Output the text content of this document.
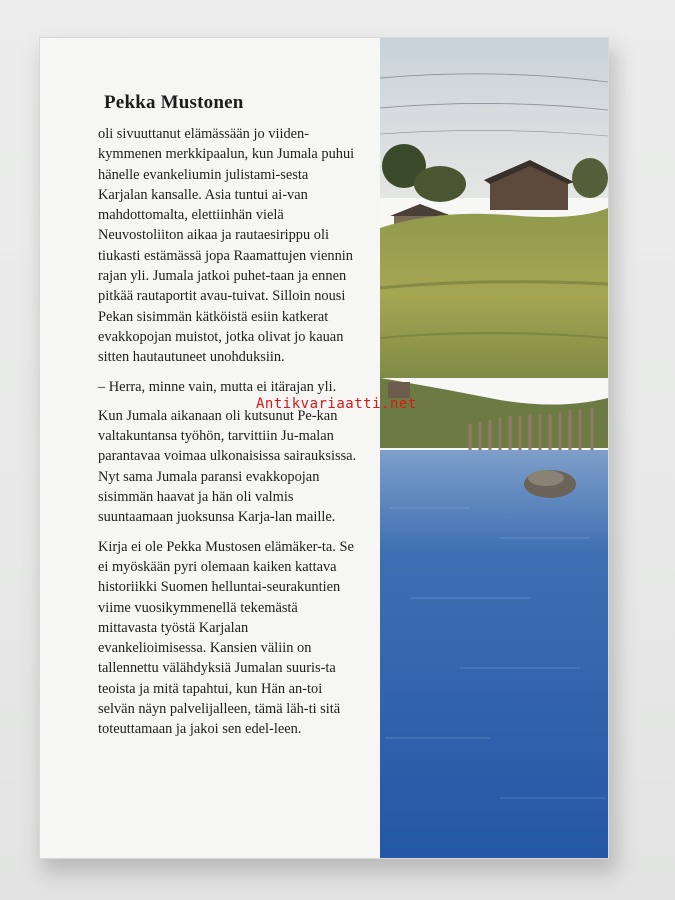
Pekka Mustonen

oli sivuuttanut elämässään jo viiden-kymmenen merkkipaalun, kun Jumala puhui hänelle evankeliumin julistami-sesta Karjalan kansalle. Asia tuntui ai-van mahdottomalta, elettiinhän vielä Neuvostoliiton aikaa ja rautaesirippu oli tiukasti estämässä jopa Raamattujen viennin rajan yli. Jumala jatkoi puhet-taan ja ennen pitkää rautaportit avau-tuivat. Silloin nousi Pekan sisimmän kätköistä esiin katkerat evakkopojan muistot, jotka olivat jo kauan sitten hautautuneet unohduksiin.

– Herra, minne vain, mutta ei itärajan yli.

Kun Jumala aikanaan oli kutsunut Pe-kan valtakuntansa työhön, tarvittiin Ju-malan parantavaa voimaa ulkonaisissa sairauksissa. Nyt sama Jumala paransi evakkopojan sisimmän haavat ja hän oli valmis suuntaamaan juoksunsa Karja-lan maille.

Kirja ei ole Pekka Mustosen elämäker-ta. Se ei myöskään pyri olemaan kaiken kattava historiikki Suomen helluntai-seurakuntien viime vuosikymmenellä tekemästä mittavasta työstä Karjalan evankelioimisessa. Kansien väliin on tallennettu välähdyksiä Jumalan suuris-ta teoista ja mitä tapahtui, kun Hän an-toi selvän näyn palvelijalleen, tämä läh-ti sitä toteuttamaan ja jakoi sen edel-leen.

Antikvariaatti.net
